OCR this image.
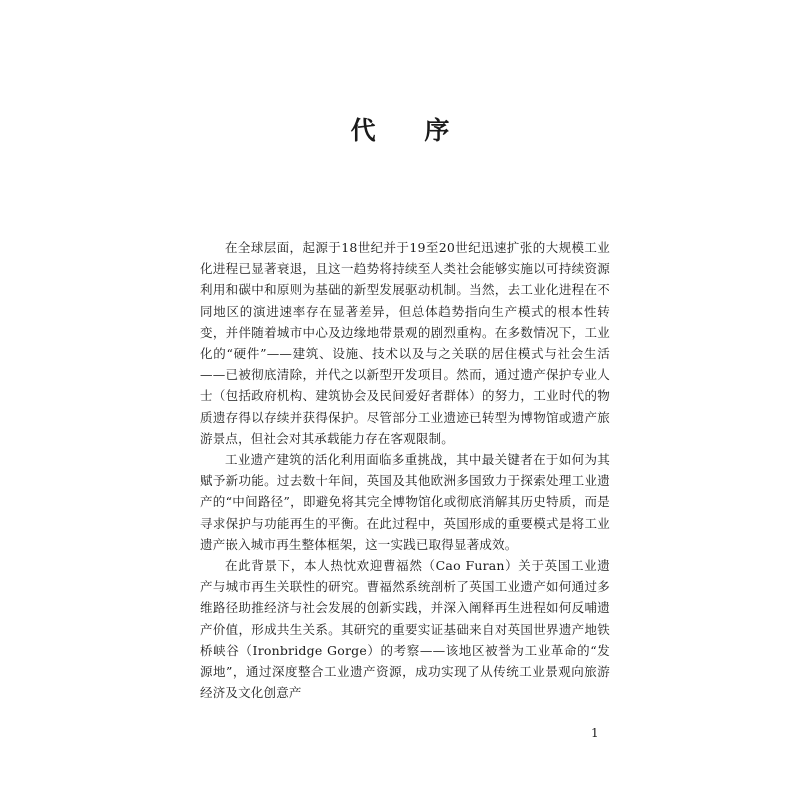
代 序

在全球层面，起源于18世纪并于19至20世纪迅速扩张的大规模工业化进程已显著衰退，且这一趋势将持续至人类社会能够实施以可持续资源利用和碳中和原则为基础的新型发展驱动机制。当然，去工业化进程在不同地区的演进速率存在显著差异，但总体趋势指向生产模式的根本性转变，并伴随着城市中心及边缘地带景观的剧烈重构。在多数情况下，工业化的“硬件”——建筑、设施、技术以及与之关联的居住模式与社会生活——已被彻底清除，并代之以新型开发项目。然而，通过遗产保护专业人士（包括政府机构、建筑协会及民间爱好者群体）的努力，工业时代的物质遗存得以存续并获得保护。尽管部分工业遗迹已转型为博物馆或遗产旅游景点，但社会对其承载能力存在客观限制。

工业遗产建筑的活化利用面临多重挑战，其中最关键者在于如何为其赋予新功能。过去数十年间，英国及其他欧洲多国致力于探索处理工业遗产的“中间路径”，即避免将其完全博物馆化或彻底消解其历史特质，而是寻求保护与功能再生的平衡。在此过程中，英国形成的重要模式是将工业遗产嵌入城市再生整体框架，这一实践已取得显著成效。

在此背景下，本人热忱欢迎曹福然（Cao Furan）关于英国工业遗产与城市再生关联性的研究。曹福然系统剖析了英国工业遗产如何通过多维路径助推经济与社会发展的创新实践，并深入阐释再生进程如何反哺遗产价值，形成共生关系。其研究的重要实证基础来自对英国世界遗产地铁桥峡谷（Ironbridge Gorge）的考察——该地区被誉为工业革命的“发源地”，通过深度整合工业遗产资源，成功实现了从传统工业景观向旅游经济及文化创意产

1
